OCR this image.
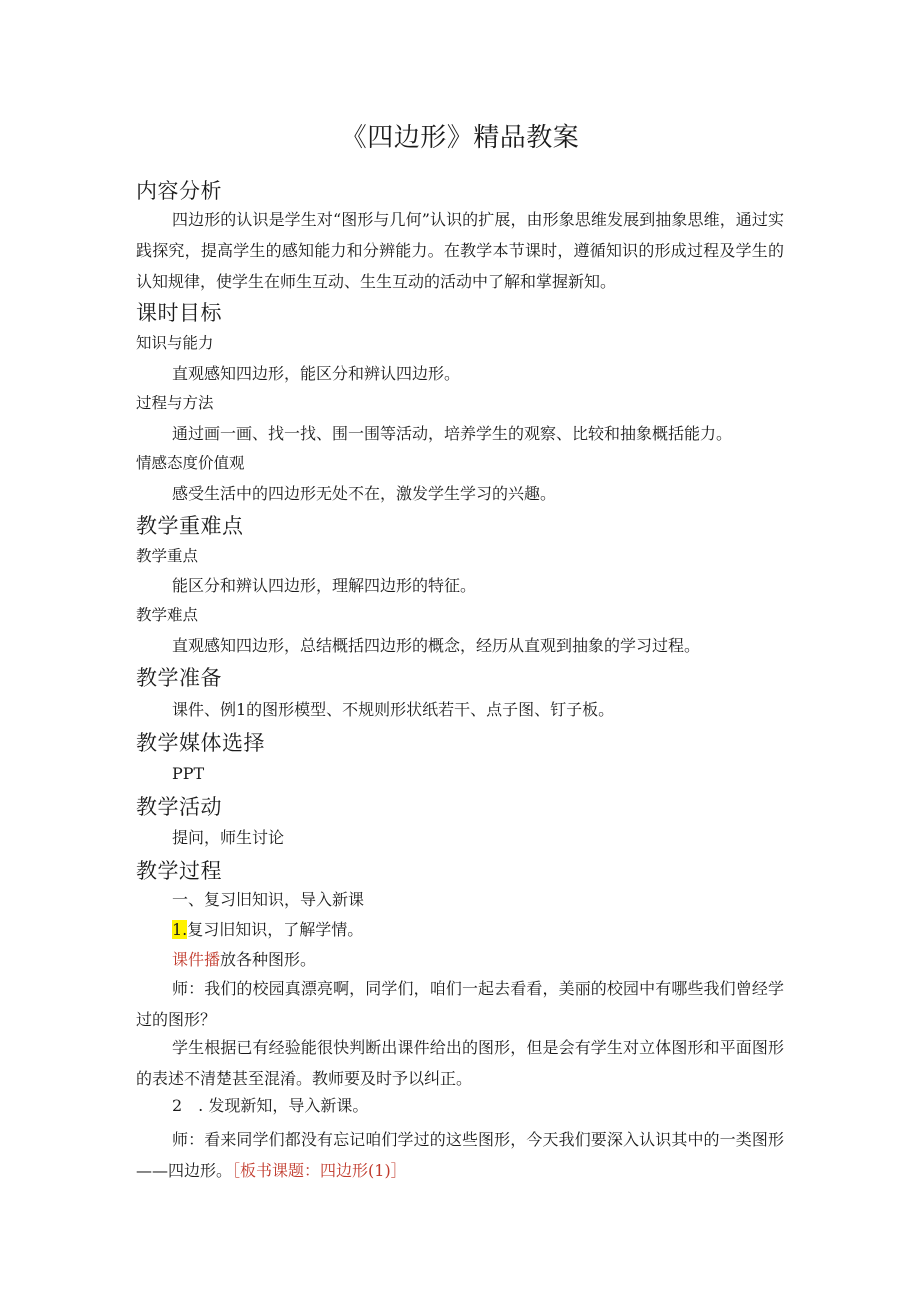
《四边形》精品教案
内容分析
四边形的认识是学生对“图形与几何”认识的扩展，由形象思维发展到抽象思维，通过实践探究，提高学生的感知能力和分辨能力。在教学本节课时，遵循知识的形成过程及学生的认知规律，使学生在师生互动、生生互动的活动中了解和掌握新知。
课时目标
知识与能力
直观感知四边形，能区分和辨认四边形。
过程与方法
通过画一画、找一找、围一围等活动，培养学生的观察、比较和抽象概括能力。
情感态度价值观
感受生活中的四边形无处不在，激发学生学习的兴趣。
教学重难点
教学重点
能区分和辨认四边形，理解四边形的特征。
教学难点
直观感知四边形，总结概括四边形的概念，经历从直观到抽象的学习过程。
教学准备
课件、例1的图形模型、不规则形状纸若干、点子图、钉子板。
教学媒体选择
PPT
教学活动
提问，师生讨论
教学过程
一、复习旧知识，导入新课
1.复习旧知识，了解学情。
课件播放各种图形。
师：我们的校园真漂亮啊，同学们，咱们一起去看看，美丽的校园中有哪些我们曾经学过的图形？
学生根据已有经验能很快判断出课件给出的图形，但是会有学生对立体图形和平面图形的表述不清楚甚至混淆。教师要及时予以纠正。
2　. 发现新知，导入新课。
师：看来同学们都没有忘记咱们学过的这些图形，今天我们要深入认识其中的一类图形——四边形。［板书课题：四边形(1)］
